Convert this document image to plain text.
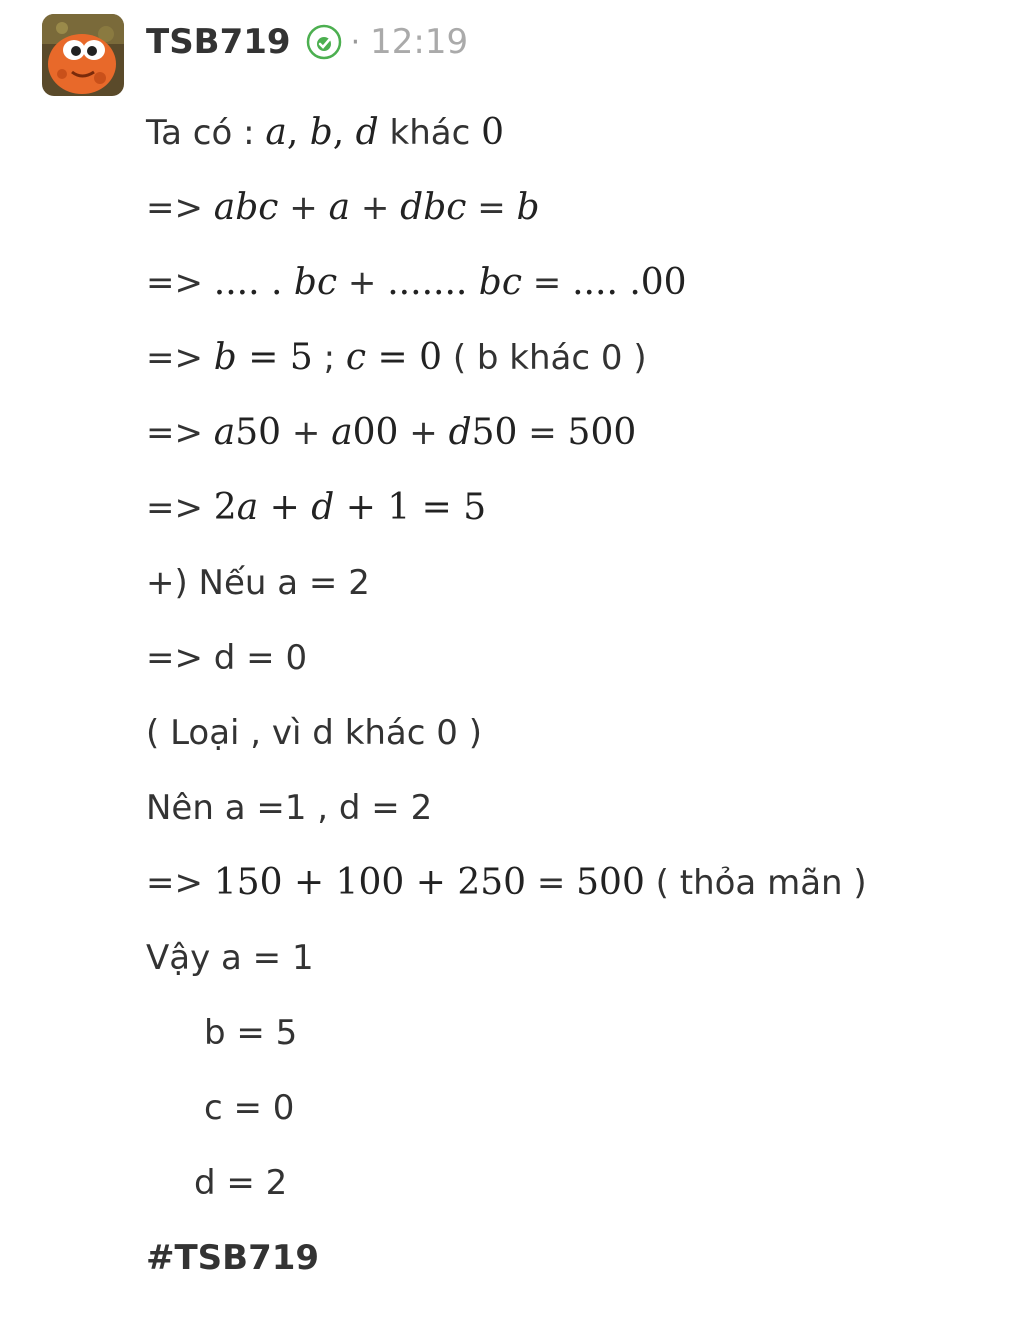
TSB719 · 12:19
Ta có : a , b , d khác 0
=> abc + a + dbc = b
=> .... . bc + ....... bc = .... .00
=> b = 5 ; c = 0 ( b khác 0 )
=> a 50 + a 00 + d 50 = 500
=> 2 a + d + 1 = 5
+) Nếu a = 2
=> d = 0
( Loại , vì d khác 0 )
Nên a =1 , d = 2
=> 150 + 100 + 250 = 500 ( thỏa mãn )
Vậy a = 1
b = 5
c = 0
d = 2
#TSB719
